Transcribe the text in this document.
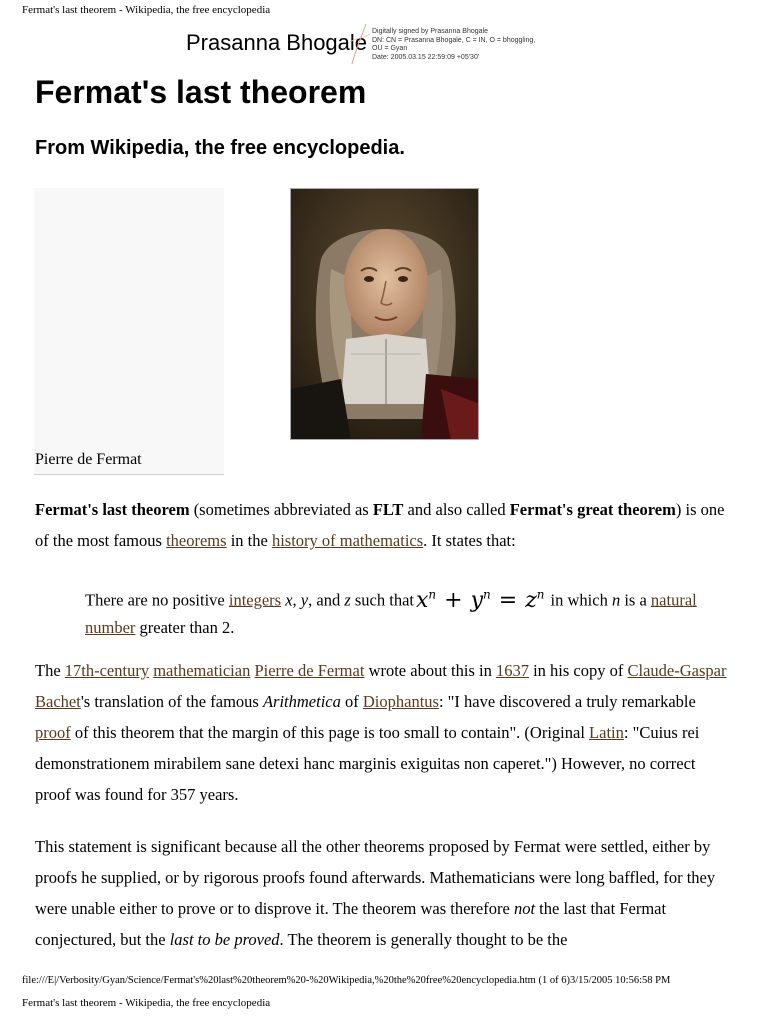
Fermat's last theorem - Wikipedia, the free encyclopedia
Prasanna Bhogale Digitally signed by Prasanna Bhogale
DN: CN = Prasanna Bhogale, C = IN, O = bhoggling,
OU = Gyan
Date: 2005.03.15 22:59:09 +05'30'
Fermat's last theorem
From Wikipedia, the free encyclopedia.
Pierre de Fermat

Fermat's last theorem (sometimes abbreviated as FLT and also called Fermat's great theorem) is one of the most famous theorems in the history of mathematics. It states that:

There are no positive integers x, y, and z such thatx$^n$ + $y^n = z^n$ in which n is a natural number greater than 2.

The 17th-century mathematician Pierre de Fermat wrote about this in 1637 in his copy of Claude-Gaspar Bachet's translation of the famous Arithmetica of Diophantus: "I have discovered a truly remarkable proof of this theorem that the margin of this page is too small to contain". (Original Latin: "Cuius rei demonstrationem mirabilem sane detexi hanc marginis exiguitas non caperet.") However, no correct proof was found for 357 years.

This statement is significant because all the other theorems proposed by Fermat were settled, either by proofs he supplied, or by rigorous proofs found afterwards. Mathematicians were long baffled, for they were unable either to prove or to disprove it. The theorem was therefore not the last that Fermat conjectured, but the last to be proved. The theorem is generally thought to be the

file:///E|/Verbosity/Gyan/Science/Fermat's%20last%20theorem%20-%20Wikipedia,%20the%20free%20encyclopedia.htm (1 of 6)3/15/2005 10:56:58 PM
Fermat's last theorem - Wikipedia, the free encyclopedia
